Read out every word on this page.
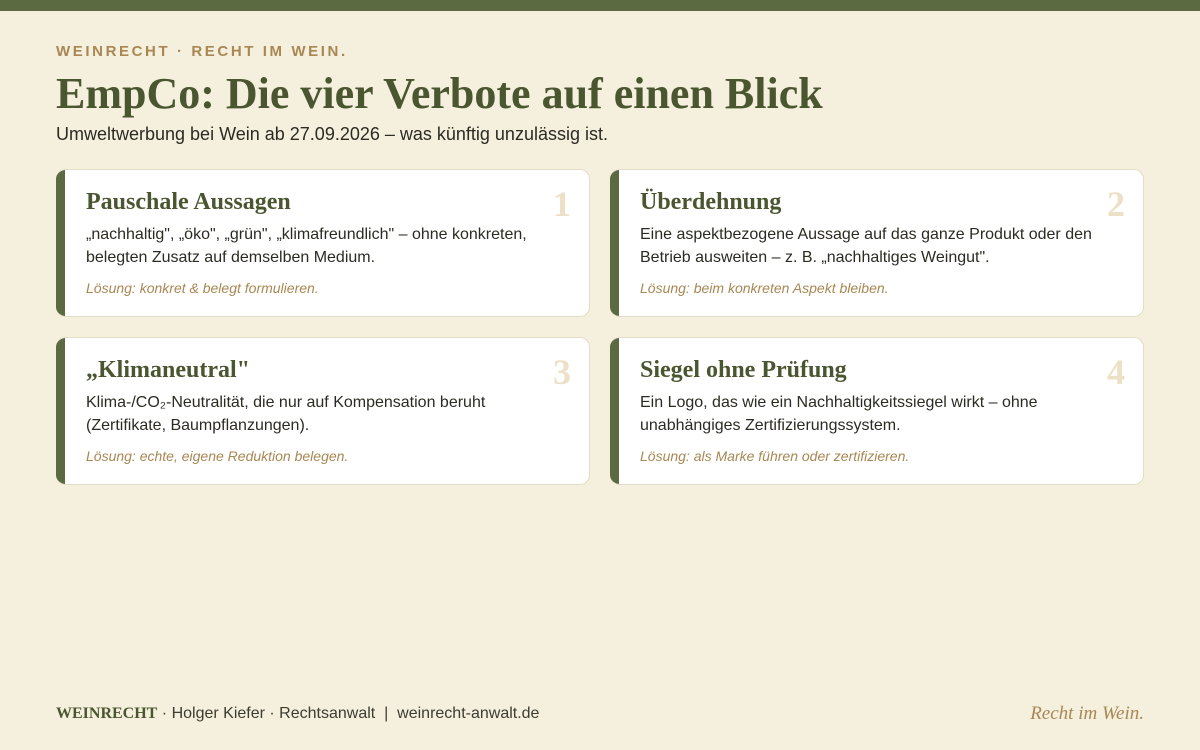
WEINRECHT · RECHT IM WEIN.
EmpCo: Die vier Verbote auf einen Blick
Umweltwerbung bei Wein ab 27.09.2026 – was künftig unzulässig ist.
1
Pauschale Aussagen
„nachhaltig", „öko", „grün", „klimafreundlich" – ohne konkreten, belegten Zusatz auf demselben Medium.
Lösung: konkret & belegt formulieren.
2
Überdehnung
Eine aspektbezogene Aussage auf das ganze Produkt oder den Betrieb ausweiten – z. B. „nachhaltiges Weingut".
Lösung: beim konkreten Aspekt bleiben.
3
„Klimaneutral"
Klima-/CO₂-Neutralität, die nur auf Kompensation beruht (Zertifikate, Baumpflanzungen).
Lösung: echte, eigene Reduktion belegen.
4
Siegel ohne Prüfung
Ein Logo, das wie ein Nachhaltigkeitssiegel wirkt – ohne unabhängiges Zertifizierungssystem.
Lösung: als Marke führen oder zertifizieren.
WEINRECHT · Holger Kiefer · Rechtsanwalt  |  weinrecht-anwalt.de	Recht im Wein.
